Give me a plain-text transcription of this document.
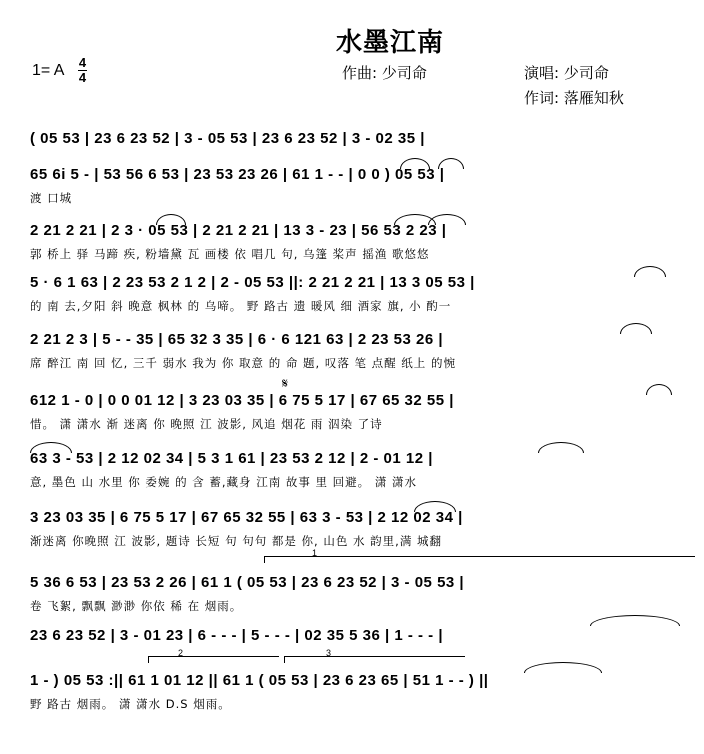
水墨江南
1= A 4
4	作曲: 少司命	演唱: 少司命
作词: 落雁知秋
( 05 53 | 23 6 23 52 | 3 - 05 53 | 23 6 23 52 | 3 - 02 35 |
65 6i 5 - | 53 56 6 53 | 23 53 23 26 | 61 1 - - | 0 0 ) 05 53 |
渡 口城
2 21 2 21 | 2 3 · 05 53 | 2 21 2 21 | 13 3 - 23 | 56 53 2 23 |
郭 桥上 驿 马蹄 疾, 粉墙黛 瓦 画楼 依 唱几 句, 乌篷 桨声 摇渔 歌悠悠
5 · 6 1 63 | 2 23 53 2 1 2 | 2 - 05 53 ||: 2 21 2 21 | 13 3 05 53 |
的 南 去,夕阳 斜 晚意 枫林 的 乌啼。 野 路古 遗 暖风 细 酒家 旗, 小 酌一
2 21 2 3 | 5 - - 35 | 65 32 3 35 | 6 · 6 121 63 | 2 23 53 26 |
席 醉江 南 回 忆, 三千 弱水 我为 你 取意 的 命 题, 叹落 笔 点醒 纸上 的惋
612 1 - 0 | 0 0 01 12 | 3 23 03 35 | 6 75 5 17 | 67 65 32 55 |
惜。 潇 潇水 渐 迷离 你 晚照 江 波影, 风追 烟花 雨 泅染 了诗
𝄋
63 3 - 53 | 2 12 02 34 | 5 3 1 61 | 23 53 2 12 | 2 - 01 12 |
意, 墨色 山 水里 你 委婉 的 含 蓄,藏身 江南 故事 里 回避。 潇 潇水
3 23 03 35 | 6 75 5 17 | 67 65 32 55 | 63 3 - 53 | 2 12 02 34 |
渐迷离 你晚照 江 波影, 题诗 长短 句 句句 都是 你, 山色 水 韵里,满 城翻
5 36 6 53 | 23 53 2 26 | 61 1 ( 05 53 | 23 6 23 52 | 3 - 05 53 |
卷 飞絮, 飘飘 渺渺 你依 稀 在 烟雨。
1
23 6 23 52 | 3 - 01 23 | 6 - - - | 5 - - - | 02 35 5 36 | 1 - - - |
1 - ) 05 53 :|| 61 1 01 12 || 61 1 ( 05 53 | 23 6 23 65 | 51 1 - - ) ||
野 路古 烟雨。 潇 潇水 D.S 烟雨。
2	3
